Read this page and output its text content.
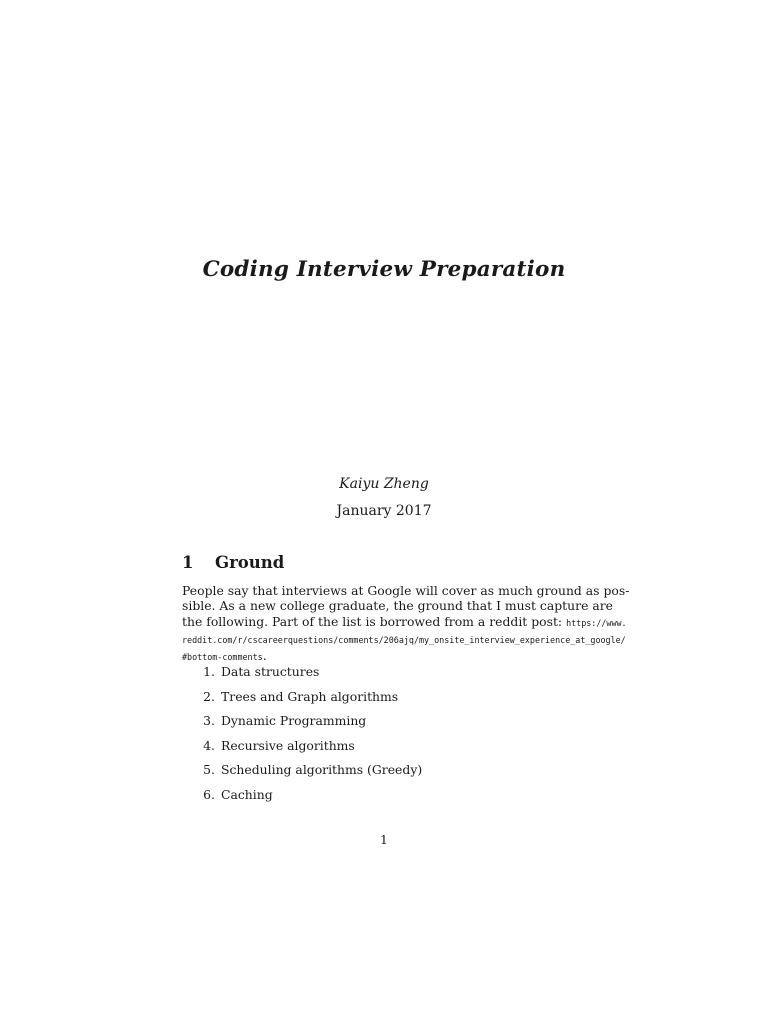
Coding Interview Preparation
Kaiyu Zheng
January 2017
1	Ground
People say that interviews at Google will cover as much ground as pos-
sible. As a new college graduate, the ground that I must capture are
the following. Part of the list is borrowed from a reddit post: https://www.
reddit.com/r/cscareerquestions/comments/206ajq/my_onsite_interview_experience_at_google/
#bottom-comments.
1. Data structures
2. Trees and Graph algorithms
3. Dynamic Programming
4. Recursive algorithms
5. Scheduling algorithms (Greedy)
6. Caching
1
